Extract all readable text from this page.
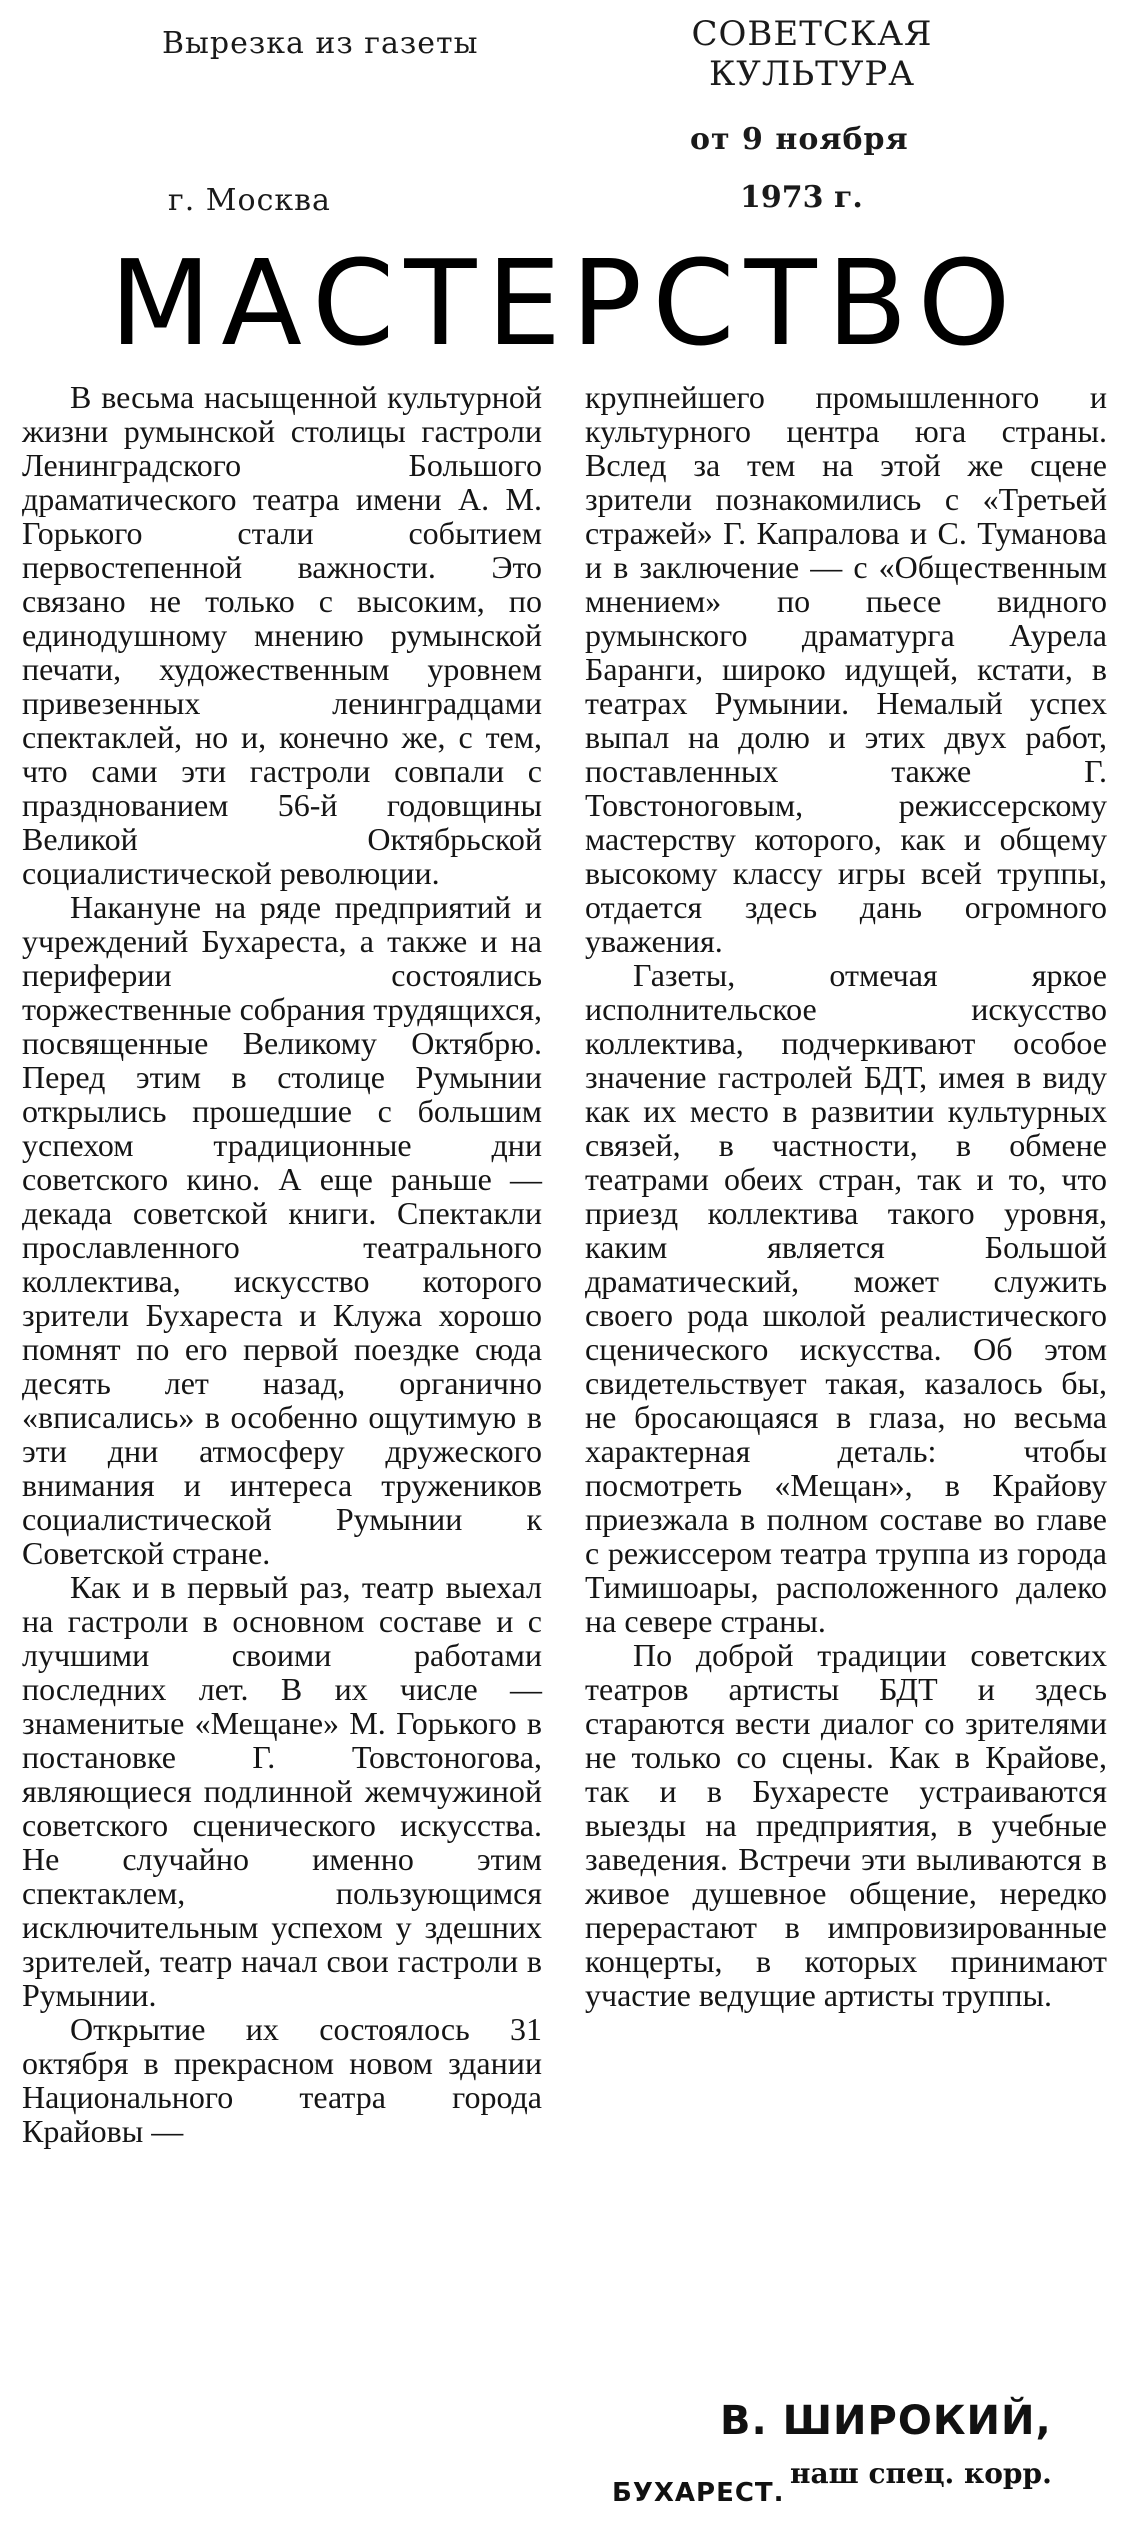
Вырезка из газеты
г. Москва
СОВЕТСКАЯ
КУЛЬТУРА
от 9 ноября
1973 г.
МАСТЕРСТВО

В весьма насыщенной культурной жизни румынской столицы гастроли Ленинградского Большого драматического театра имени А. М. Горького стали событием первостепенной важности. Это связано не только с высоким, по единодушному мнению румынской печати, художественным уровнем привезенных ленинградцами спектаклей, но и, конечно же, с тем, что сами эти гастроли совпали с празднованием 56-й годовщины Великой Октябрьской социалистической революции.

Накануне на ряде предприятий и учреждений Бухареста, а также и на периферии состоялись торжественные собрания трудящихся, посвященные Великому Октябрю. Перед этим в столице Румынии открылись прошедшие с большим успехом традиционные дни советского кино. А еще раньше — декада советской книги. Спектакли прославленного театрального коллектива, искусство которого зрители Бухареста и Клужа хорошо помнят по его первой поездке сюда десять лет назад, органично «вписались» в особенно ощутимую в эти дни атмосферу дружеского внимания и интереса тружеников социалистической Румынии к Советской стране.

Как и в первый раз, театр выехал на гастроли в основном составе и с лучшими своими работами последних лет. В их числе — знаменитые «Мещане» М. Горького в постановке Г. Товстоногова, являющиеся подлинной жемчужиной советского сценического искусства. Не случайно именно этим спектаклем, пользующимся исключительным успехом у здешних зрителей, театр начал свои гастроли в Румынии.

Открытие их состоялось 31 октября в прекрасном новом здании Национального театра города Крайовы —

крупнейшего промышленного и культурного центра юга страны. Вслед за тем на этой же сцене зрители познакомились с «Третьей стражей» Г. Капралова и С. Туманова и в заключение — с «Общественным мнением» по пьесе видного румынского драматурга Аурела Баранги, широко идущей, кстати, в театрах Румынии. Немалый успех выпал на долю и этих двух работ, поставленных также Г. Товстоноговым, режиссерскому мастерству которого, как и общему высокому классу игры всей труппы, отдается здесь дань огромного уважения.

Газеты, отмечая яркое исполнительское искусство коллектива, подчеркивают особое значение гастролей БДТ, имея в виду как их место в развитии культурных связей, в частности, в обмене театрами обеих стран, так и то, что приезд коллектива такого уровня, каким является Большой драматический, может служить своего рода школой реалистического сценического искусства. Об этом свидетельствует такая, казалось бы, не бросающаяся в глаза, но весьма характерная деталь: чтобы посмотреть «Мещан», в Крайову приезжала в полном составе во главе с режиссером театра труппа из города Тимишоары, расположенного далеко на севере страны.

По доброй традиции советских театров артисты БДТ и здесь стараются вести диалог со зрителями не только со сцены. Как в Крайове, так и в Бухаресте устраиваются выезды на предприятия, в учебные заведения. Встречи эти выливаются в живое душевное общение, нередко перерастают в импровизированные концерты, в которых принимают участие ведущие артисты труппы.

В. ШИРОКИЙ,
наш спец. корр.
БУХАРЕСТ.
